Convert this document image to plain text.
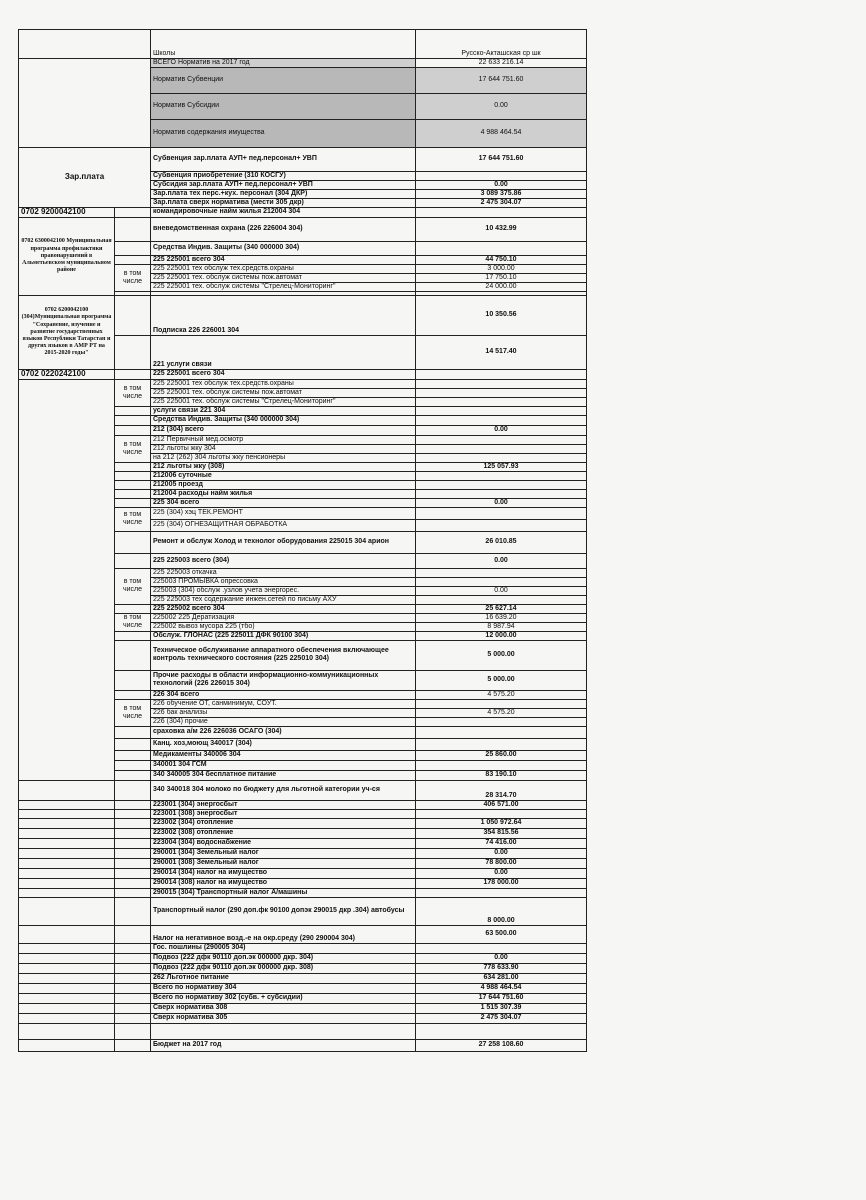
		Школы	Русско-Акташская ср шк
		ВСЕГО Норматив на 2017 год	22 633 216.14
		Норматив Субвенции	17 644 751.60
		Норматив Субсидии	0.00
		Норматив содержания имущества	4 988 464.54
Зар.плата		Субвенция зар.плата АУП+ пед.персонал+ УВП	17 644 751.60
		Субвенция приобретение (310 КОСГУ)	
		Субсидия зар.плата АУП+ пед.персонал+ УВП	0.00
		Зар.плата тех перс.+кух. персонал (304 ДКР)	3 089 375.86
		Зар.плата сверх норматива (мести 305 дкр)	2 475 304.07
0702 9200042100		командировочные найм жилья 212004 304	
0702 6300042100 Муниципальная программа профилактики правонарушений в Альметьевском муниципальном районе		вневедомственная охрана (226 226004 304)	10 432.99
		Средства Индив. Защиты (340 000000 304)	
		225 225001 всего 304	44 750.10
	в том числе	225 225001 тех обслуж тех.средств.охраны	3 000.00
		225 225001 тех. обслуж системы пож.автомат	17 750.10
		225 225001 тех. обслуж системы "Стрелец-Мониторинг"	24 000.00

0702 6200042100 (304)Муниципальная программа "Сохранение, изучение и развитие государственных языков Республики Татарстан и других языков в АМР РТ на 2015-2020 годы"		Подписка 226 226001 304	10 350.56
		221 услуги связи	14 517.40
0702 0220242100		225 225001 всего 304	
	в том числе	225 225001 тех обслуж тех.средств.охраны	
		225 225001 тех. обслуж системы пож.автомат	
		225 225001 тех. обслуж системы "Стрелец-Мониторинг"	
		услуги связи 221 304	
		Средства Индив. Защиты (340 000000 304)	
		212 (304) всего	0.00
	в том числе	212 Первичный мед.осмотр	
		212 льготы жку 304	
		на 212 (262) 304 льготы жку пенсионеры	
		212 льготы жку (308)	125 057.93
		212006 суточные	
		212005 проезд	
		212004 расходы найм жилья	
		225 304 всего	0.00
	в том числе	225 (304) хэц ТЕК.РЕМОНТ	
		225 (304) ОГНЕЗАЩИТНАЯ ОБРАБОТКА	
		Ремонт и обслуж Холод и технолог оборудования 225015 304 арион	26 010.85
		225 225003 всего (304)	0.00
	в том числе	225 225003 откачка	
		225003 ПРОМЫВКА опрессовка	
		225003 (304) обслуж .узлов учета энергорес.	0.00
		225 225003 тех содержание инжен.сетей по письму АХУ	
		225 225002 всего 304	25 627.14
	в том числе	225002 225 Дератизация	16 639.20
		225002 вывоз мусора 225 (тбо)	8 987.94
		Обслуж. ГЛОНАС (225 225011 ДФК 90100 304)	12 000.00
		Техническое обслуживание аппаратного обеспечения включающее контроль технического состояния (225 225010 304)	5 000.00
		Прочие расходы в области информационно-коммуникационных технологий (226 226015 304)	5 000.00
		226 304 всего	4 575.20
	в том числе	226 обучение ОТ, санминимум, СОУТ.	
		226 бак анализы	4 575.20
		226 (304) прочие	
		сраховка а/м 226 226036 ОСАГО (304)	
		Канц. хоз,моющ 340017 (304)	
		Медикаменты 340006 304	25 860.00
		340001 304 ГСМ	
		340 340005 304 бесплатное питание	83 190.10
		340 340018 304 молоко по бюджету для льготной категории уч-ся	28 314.70
		223001 (304) энергосбыт	406 571.00
		223001 (308) энергосбыт	
		223002 (304) отопление	1 050 972.64
		223002 (308) отопление	354 815.56
		223004 (304) водоснабжение	74 416.00
		290001 (304) Земельный налог	0.00
		290001 (308) Земельный налог	78 800.00
		290014 (304) налог на имущество	0.00
		290014 (308) налог на имущество	178 000.00
		290015 (304) Транспортный налог А/машины	
		Транспортный налог (290 доп.фк 90100 допэк 290015 дкр .304) автобусы	8 000.00
		Налог на негативное возд.-е на окр.среду (290 290004 304)	63 500.00
		Гос. пошлины (290005 304)	
		Подвоз (222 дфк 90110 доп.эк 000000 дкр. 304)	0.00
		Подвоз (222 дфк 90110 доп.эк 000000 дкр. 308)	778 633.90
		262 Льготное питание	634 281.00
		Всего по нормативу 304	4 988 464.54
		Всего по нормативу 302 (субв. + субсидии)	17 644 751.60
		Сверх норматива 308	1 515 307.39
		Сверх норматива 305	2 475 304.07

		Бюджет на 2017 год	27 258 108.60
